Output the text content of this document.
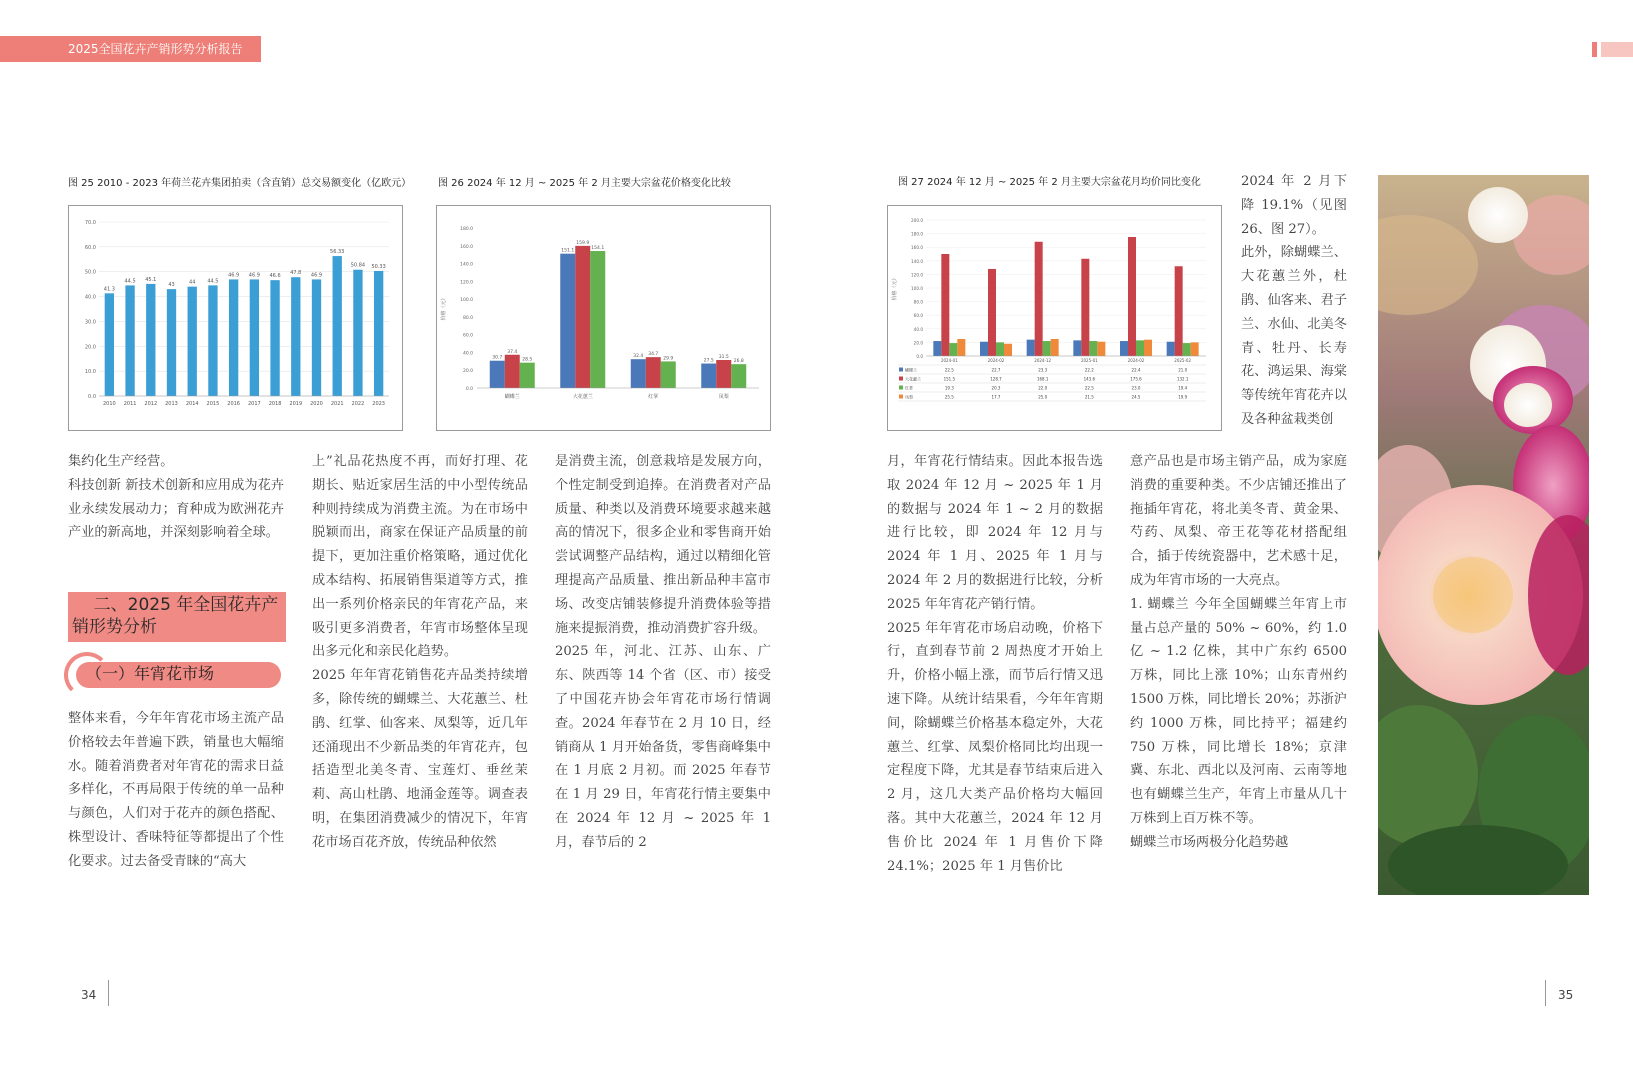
2025全国花卉产销形势分析报告
图 25 2010 - 2023 年荷兰花卉集团拍卖（含直销）总交易额变化（亿欧元）	图 26 2024 年 12 月 ~ 2025 年 2 月主要大宗盆花价格变化比较	图 27 2024 年 12 月 ~ 2025 年 2 月主要大宗盆花月均价同比变化
0.0
10.0
20.0
30.0
40.0
50.0
60.0
70.0
41.3
2010
44.5
2011
45.1
2012
43
2013
44
2014
44.5
2015
46.9
2016
46.9
2017
46.6
2018
47.8
2019
46.9
2020
56.33
2021
50.84
2022
50.33
2023
0.0
20.0
40.0
60.0
80.0
100.0
120.0
140.0
160.0
180.0
价格（元）
30.7
37.4
28.5
蝴蝶兰
151.1
159.9
154.1
大花蕙兰
32.4 34.7
29.9
红掌
27.5
31.5
26.8
凤梨
0.0
20.0
40.0
60.0
80.0
100.0
120.0
140.0
160.0
180.0
200.0
价格（元）
2024-01	2024-02	2024-12	2025-01	2024-02	2025-02
蝴蝶兰	22.5	22.7	23.3	22.2	22.4	21.0
大花蕙兰	151.5	128.7	168.1	143.6	175.6	132.1
红掌	19.3	20.3	22.0	22.5	23.0	19.4
凤梨	25.5	17.7	25.0	21.5	24.5	19.9
集约化生产经营。
科技创新 新技术创新和应用成为花卉业永续发展动力；育种成为欧洲花卉产业的新高地，并深刻影响着全球。
二、2025 年全国花卉产销形势分析
（一）年宵花市场
整体来看，今年年宵花市场主流产品价格较去年普遍下跌，销量也大幅缩水。随着消费者对年宵花的需求日益多样化，不再局限于传统的单一品种与颜色，人们对于花卉的颜色搭配、株型设计、香味特征等都提出了个性化要求。过去备受青睐的“高大
上”礼品花热度不再，而好打理、花期长、贴近家居生活的中小型传统品种则持续成为消费主流。为在市场中脱颖而出，商家在保证产品质量的前提下，更加注重价格策略，通过优化成本结构、拓展销售渠道等方式，推出一系列价格亲民的年宵花产品，来吸引更多消费者，年宵市场整体呈现出多元化和亲民化趋势。
2025 年年宵花销售花卉品类持续增多，除传统的蝴蝶兰、大花蕙兰、杜鹃、红掌、仙客来、凤梨等，近几年还涌现出不少新品类的年宵花卉，包括造型北美冬青、宝莲灯、垂丝茉莉、高山杜鹃、地涌金莲等。调查表明，在集团消费减少的情况下，年宵花市场百花齐放，传统品种依然
是消费主流，创意栽培是发展方向，个性定制受到追捧。在消费者对产品质量、种类以及消费环境要求越来越高的情况下，很多企业和零售商开始尝试调整产品结构，通过以精细化管理提高产品质量、推出新品种丰富市场、改变店铺装修提升消费体验等措施来提振消费，推动消费扩容升级。
2025 年，河北、江苏、山东、广东、陕西等 14 个省（区、市）接受了中国花卉协会年宵花市场行情调查。2024 年春节在 2 月 10 日，经销商从 1 月开始备货，零售商峰集中在 1 月底 2 月初。而 2025 年春节在 1 月 29 日，年宵花行情主要集中在 2024 年 12 月 ~ 2025 年 1 月，春节后的 2
月，年宵花行情结束。因此本报告选取 2024 年 12 月 ~ 2025 年 1 月的数据与 2024 年 1 ~ 2 月的数据进行比较，即 2024 年 12 月与 2024 年 1 月、2025 年 1 月与 2024 年 2 月的数据进行比较，分析 2025 年年宵花产销行情。
2025 年年宵花市场启动晚，价格下行，直到春节前 2 周热度才开始上升，价格小幅上涨，而节后行情又迅速下降。从统计结果看，今年年宵期间，除蝴蝶兰价格基本稳定外，大花蕙兰、红掌、凤梨价格同比均出现一定程度下降，尤其是春节结束后进入 2 月，这几大类产品价格均大幅回落。其中大花蕙兰，2024 年 12 月售价比 2024 年 1 月售价下降 24.1%；2025 年 1 月售价比
2024 年 2 月下降 19.1%（见图 26、图 27）。
此外，除蝴蝶兰、大花蕙兰外，杜鹃、仙客来、君子兰、水仙、北美冬青、牡丹、长寿花、鸿运果、海棠等传统年宵花卉以及各种盆栽类创
意产品也是市场主销产品，成为家庭消费的重要种类。不少店铺还推出了拖插年宵花，将北美冬青、黄金果、芍药、凤梨、帝王花等花材搭配组合，插于传统瓷器中，艺术感十足，成为年宵市场的一大亮点。
1. 蝴蝶兰 今年全国蝴蝶兰年宵上市量占总产量的 50% ~ 60%，约 1.0 亿 ~ 1.2 亿株，其中广东约 6500 万株，同比上涨 10%；山东青州约 1500 万株，同比增长 20%；苏浙沪约 1000 万株，同比持平；福建约 750 万株，同比增长 18%；京津冀、东北、西北以及河南、云南等地也有蝴蝶兰生产，年宵上市量从几十万株到上百万株不等。
蝴蝶兰市场两极分化趋势越
34	35
